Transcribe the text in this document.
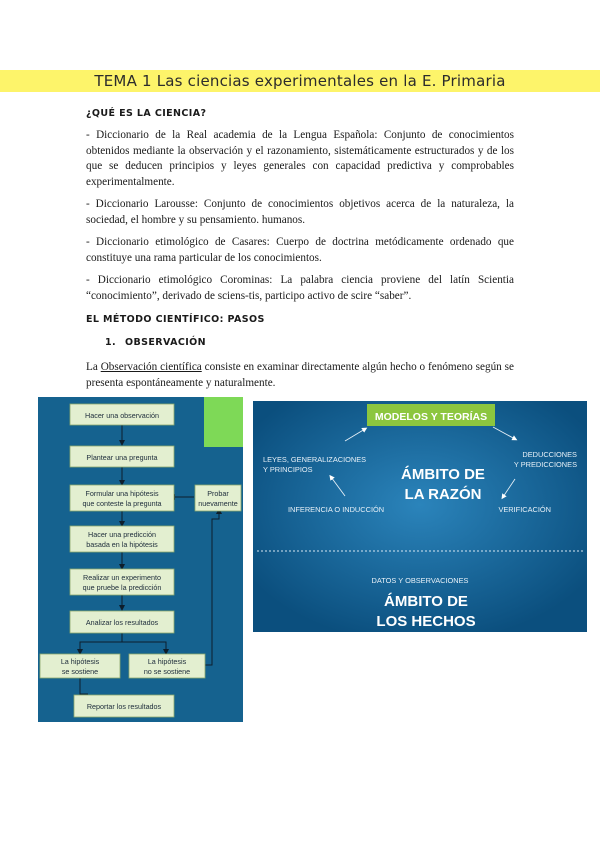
TEMA 1 Las ciencias experimentales en la E. Primaria
¿QUÉ ES LA CIENCIA?

- Diccionario de la Real academia de la Lengua Española: Conjunto de conocimientos obtenidos mediante la observación y el razonamiento, sistemáticamente estructurados y de los que se deducen principios y leyes generales con capacidad predictiva y comprobables experimentalmente.

- Diccionario Larousse: Conjunto de conocimientos objetivos acerca de la naturaleza, la sociedad, el hombre y su pensamiento. humanos.

- Diccionario etimológico de Casares: Cuerpo de doctrina metódicamente ordenado que constituye una rama particular de los conocimientos.

- Diccionario etimológico Corominas: La palabra ciencia proviene del latín Scientia “conocimiento”, derivado de sciens-tis, participo activo de scire “saber”.

EL MÉTODO CIENTÍFICO: PASOS
1. OBSERVACIÓN

La Observación científica consiste en examinar directamente algún hecho o fenómeno según se presenta espontáneamente y naturalmente.

Hacer una observación
Plantear una pregunta
Formular una hipótesis
que conteste la pregunta
Probar
nuevamente
Hacer una predicción
basada en la hipótesis
Realizar un experimento
que pruebe la predicción
Analizar los resultados
La hipótesis
se sostiene
La hipótesis
no se sostiene
Reportar los resultados
MODELOS Y TEORÍAS
LEYES, GENERALIZACIONES
Y PRINCIPIOS
DEDUCCIONES
Y PREDICCIONES
INFERENCIA O INDUCCIÓN	VERIFICACIÓN
DATOS Y OBSERVACIONES
ÁMBITO DE
LA RAZÓN
ÁMBITO DE
LOS HECHOS
